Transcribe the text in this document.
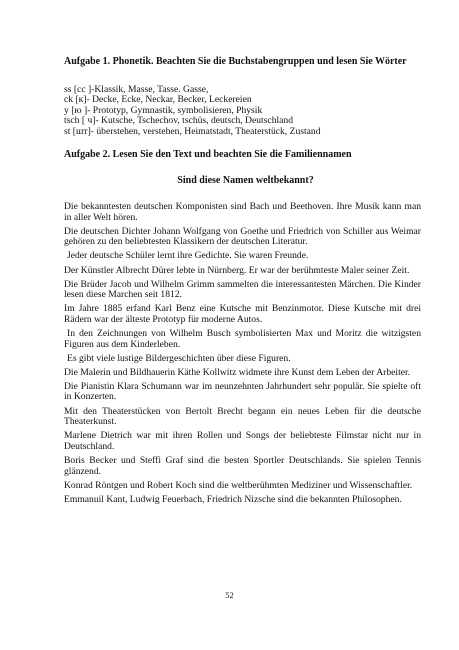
Aufgabe 1. Phonetik. Beachten Sie die Buchstabengruppen und lesen Sie Wörter

ss [cc ]-Klassik, Masse, Tasse. Gasse,

ck [к]- Decke, Ecke, Neckar, Becker, Leckereien

y [ю ]- Prototyp, Gymnastik, symbolisieren, Physik

tsch [ ч]- Kutsche, Tschechov, tschüs, deutsch, Deutschland

st [шт]- überstehen, verstehen, Heimatstadt, Theaterstück, Zustand

Aufgabe 2. Lesen Sie den Text und beachten Sie die Familiennamen

Sind diese Namen weltbekannt?

Die bekanntesten deutschen Komponisten sind Bach und Beethoven. Ihre Musik kann man in aller Welt hören.

Die deutschen Dichter Johann Wolfgang von Goethe und Friedrich von Schiller aus Weimar gehören zu den beliebtesten Klassikern der deutschen Literatur.

Jeder deutsche Schüler lernt ihre Gedichte. Sie waren Freunde.

Der Künstler Albrecht Dürer lebte in Nürnberg. Er war der berühmteste Maler seiner Zeit.

Die Brüder Jacob und Wilhelm Grimm sammelten die interessantesten Märchen. Die Kinder lesen diese Marchen seit 1812.

Im Jahre 1885 erfand Karl Benz eine Kutsche mit Benzinmotor. Diese Kutsche mit drei Rädern war der älteste Prototyp für moderne Autos.

In den Zeichnungen von Wilhelm Busch symbolisierten Max und Moritz die witzigsten Figuren aus dem Kinderleben.

Es gibt viele lustige Bildergeschichten über diese Figuren.

Die Malerin und Bildhauerin Käthe Kollwitz widmete ihre Kunst dem Leben der Arbeiter.

Die Pianistin Klara Schumann war im neunzehnten Jahrhundert sehr populär. Sie spielte oft in Konzerten.

Mit den Theaterstücken von Bertolt Brecht begann ein neues Leben für die deutsche Theaterkunst.

Marlene Dietrich war mit ihren Rollen und Songs der beliebteste Filmstar nicht nur in Deutschland.

Boris Becker und Steffi Graf sind die besten Sportler Deutschlands. Sie spielen Tennis glänzend.

Konrad Röntgen und Robert Koch sind die weltberühmten Mediziner und Wissenschaftler.

Emmanuil Kant, Ludwig Feuerbach, Friedrich Nizsche sind die bekannten Philosophen.

52
